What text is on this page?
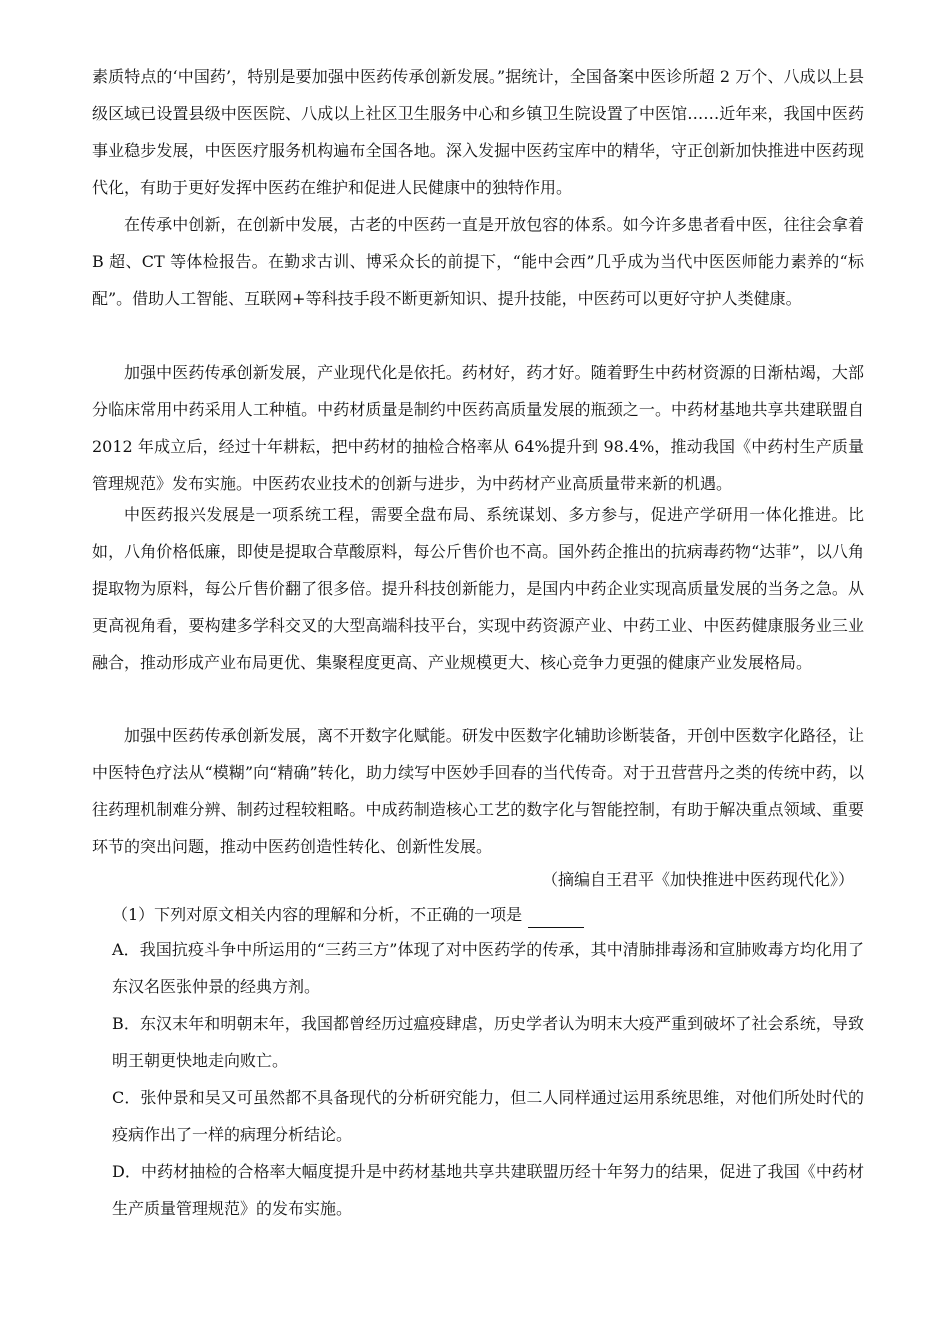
素质特点的‘中国药’，特别是要加强中医药传承创新发展。”据统计，全国备案中医诊所超 2 万个、八成以上县级区域已设置县级中医医院、八成以上社区卫生服务中心和乡镇卫生院设置了中医馆……近年来，我国中医药事业稳步发展，中医医疗服务机构遍布全国各地。深入发掘中医药宝库中的精华，守正创新加快推进中医药现代化，有助于更好发挥中医药在维护和促进人民健康中的独特作用。

在传承中创新，在创新中发展，古老的中医药一直是开放包容的体系。如今许多患者看中医，往往会拿着 B 超、CT 等体检报告。在勤求古训、博采众长的前提下，“能中会西”几乎成为当代中医医师能力素养的“标配”。借助人工智能、互联网+等科技手段不断更新知识、提升技能，中医药可以更好守护人类健康。

加强中医药传承创新发展，产业现代化是依托。药材好，药才好。随着野生中药材资源的日渐枯竭，大部分临床常用中药采用人工种植。中药材质量是制约中医药高质量发展的瓶颈之一。中药材基地共享共建联盟自 2012 年成立后，经过十年耕耘，把中药材的抽检合格率从 64%提升到 98.4%，推动我国《中药村生产质量管理规范》发布实施。中医药农业技术的创新与进步，为中药材产业高质量带来新的机遇。

中医药报兴发展是一项系统工程，需要全盘布局、系统谋划、多方参与，促进产学研用一体化推进。比如，八角价格低廉，即使是提取合草酸原料，每公斤售价也不高。国外药企推出的抗病毒药物“达菲”，以八角提取物为原料，每公斤售价翻了很多倍。提升科技创新能力，是国内中药企业实现高质量发展的当务之急。从更高视角看，要构建多学科交叉的大型高端科技平台，实现中药资源产业、中药工业、中医药健康服务业三业融合，推动形成产业布局更优、集聚程度更高、产业规模更大、核心竞争力更强的健康产业发展格局。

加强中医药传承创新发展，离不开数字化赋能。研发中医数字化辅助诊断装备，开创中医数字化路径，让中医特色疗法从“模糊”向“精确”转化，助力续写中医妙手回春的当代传奇。对于丑营营丹之类的传统中药，以往药理机制难分辨、制药过程较粗略。中成药制造核心工艺的数字化与智能控制，有助于解决重点领域、重要环节的突出问题，推动中医药创造性转化、创新性发展。

（摘编自王君平《加快推进中医药现代化》）

（1）下列对原文相关内容的理解和分析，不正确的一项是

A．我国抗疫斗争中所运用的“三药三方”体现了对中医药学的传承，其中清肺排毒汤和宣肺败毒方均化用了东汉名医张仲景的经典方剂。

B．东汉末年和明朝末年，我国都曾经历过瘟疫肆虐，历史学者认为明末大疫严重到破坏了社会系统，导致明王朝更快地走向败亡。

C．张仲景和吴又可虽然都不具备现代的分析研究能力，但二人同样通过运用系统思维，对他们所处时代的疫病作出了一样的病理分析结论。

D．中药材抽检的合格率大幅度提升是中药材基地共享共建联盟历经十年努力的结果，促进了我国《中药材生产质量管理规范》的发布实施。
